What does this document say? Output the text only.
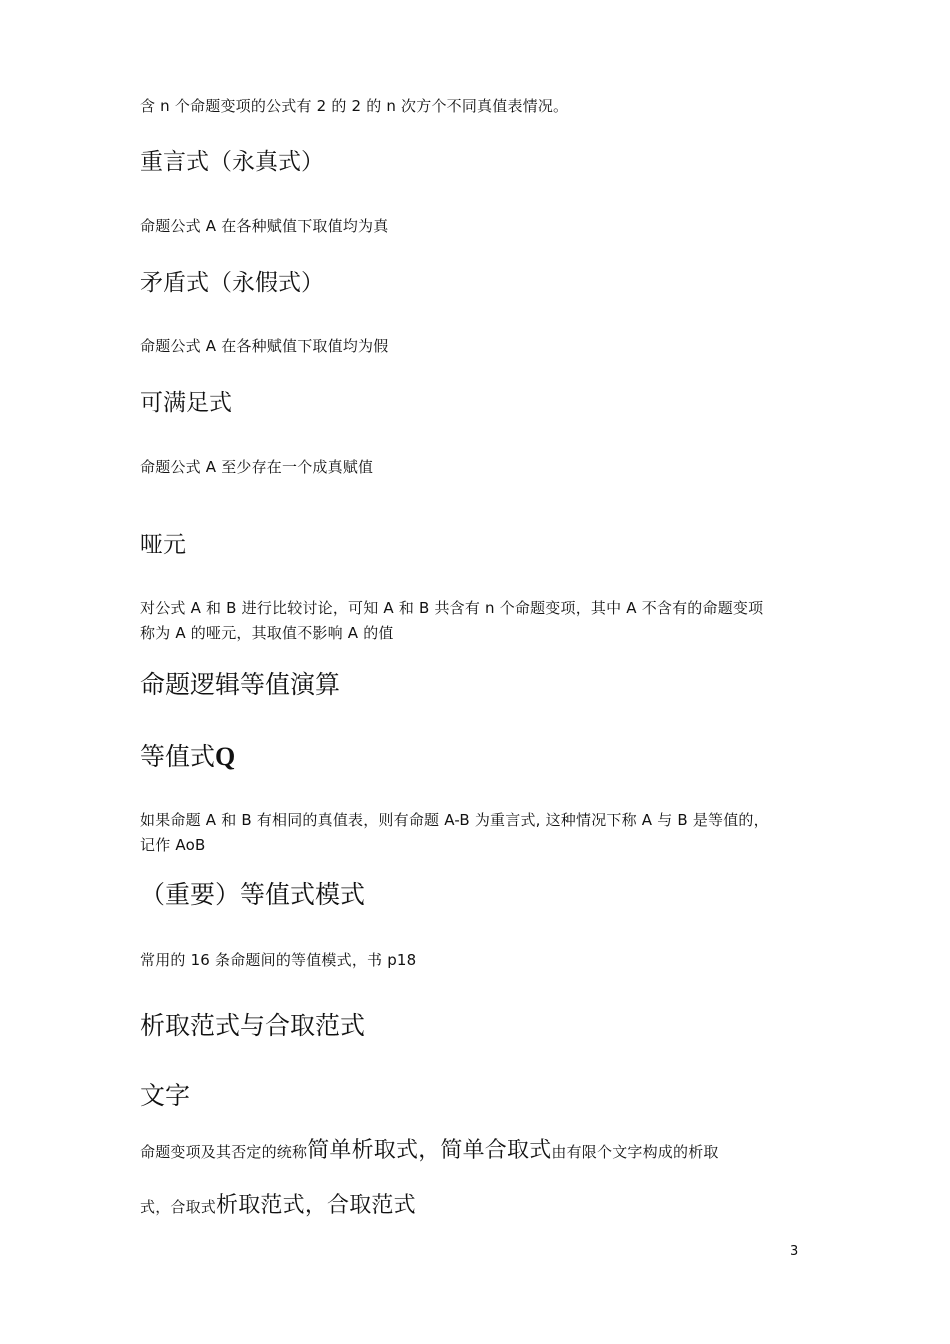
含 n 个命题变项的公式有 2 的 2 的 n 次方个不同真值表情况。

重言式（永真式）

命题公式 A 在各种赋值下取值均为真

矛盾式（永假式）

命题公式 A 在各种赋值下取值均为假

可满足式

命题公式 A 至少存在一个成真赋值

哑元
对公式 A 和 B 进行比较讨论，可知 A 和 B 共含有 n 个命题变项，其中 A 不含有的命题变项
称为 A 的哑元，其取值不影响 A 的值
命题逻辑等值演算
等值式Q
如果命题 A 和 B 有相同的真值表，则有命题 A-B 为重言式, 这种情况下称 A 与 B 是等值的，
记作 AoB
（重要）等值式模式

常用的 16 条命题间的等值模式，书 p18

析取范式与合取范式
文字
命题变项及其否定的统称简单析取式，简单合取式由有限个文字构成的析取
式，合取式析取范式，合取范式
3
